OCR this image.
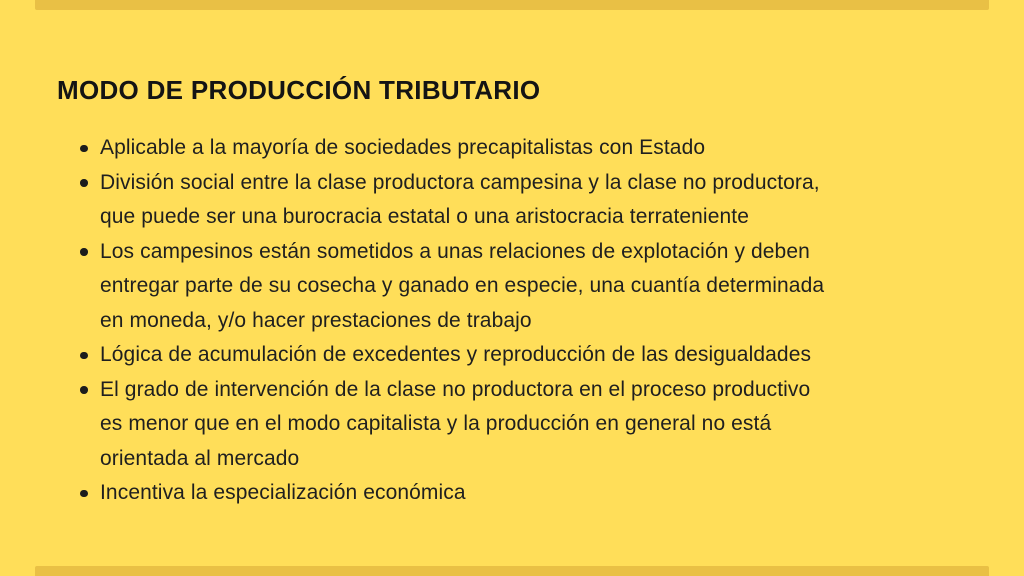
MODO DE PRODUCCIÓN TRIBUTARIO
Aplicable a la mayoría de sociedades precapitalistas con Estado
División social entre la clase productora campesina y la clase no productora,
que puede ser una burocracia estatal o una aristocracia terrateniente
Los campesinos están sometidos a unas relaciones de explotación y deben
entregar parte de su cosecha y ganado en especie, una cuantía determinada
en moneda, y/o hacer prestaciones de trabajo
Lógica de acumulación de excedentes y reproducción de las desigualdades
El grado de intervención de la clase no productora en el proceso productivo
es menor que en el modo capitalista y la producción en general no está
orientada al mercado
Incentiva la especialización económica
